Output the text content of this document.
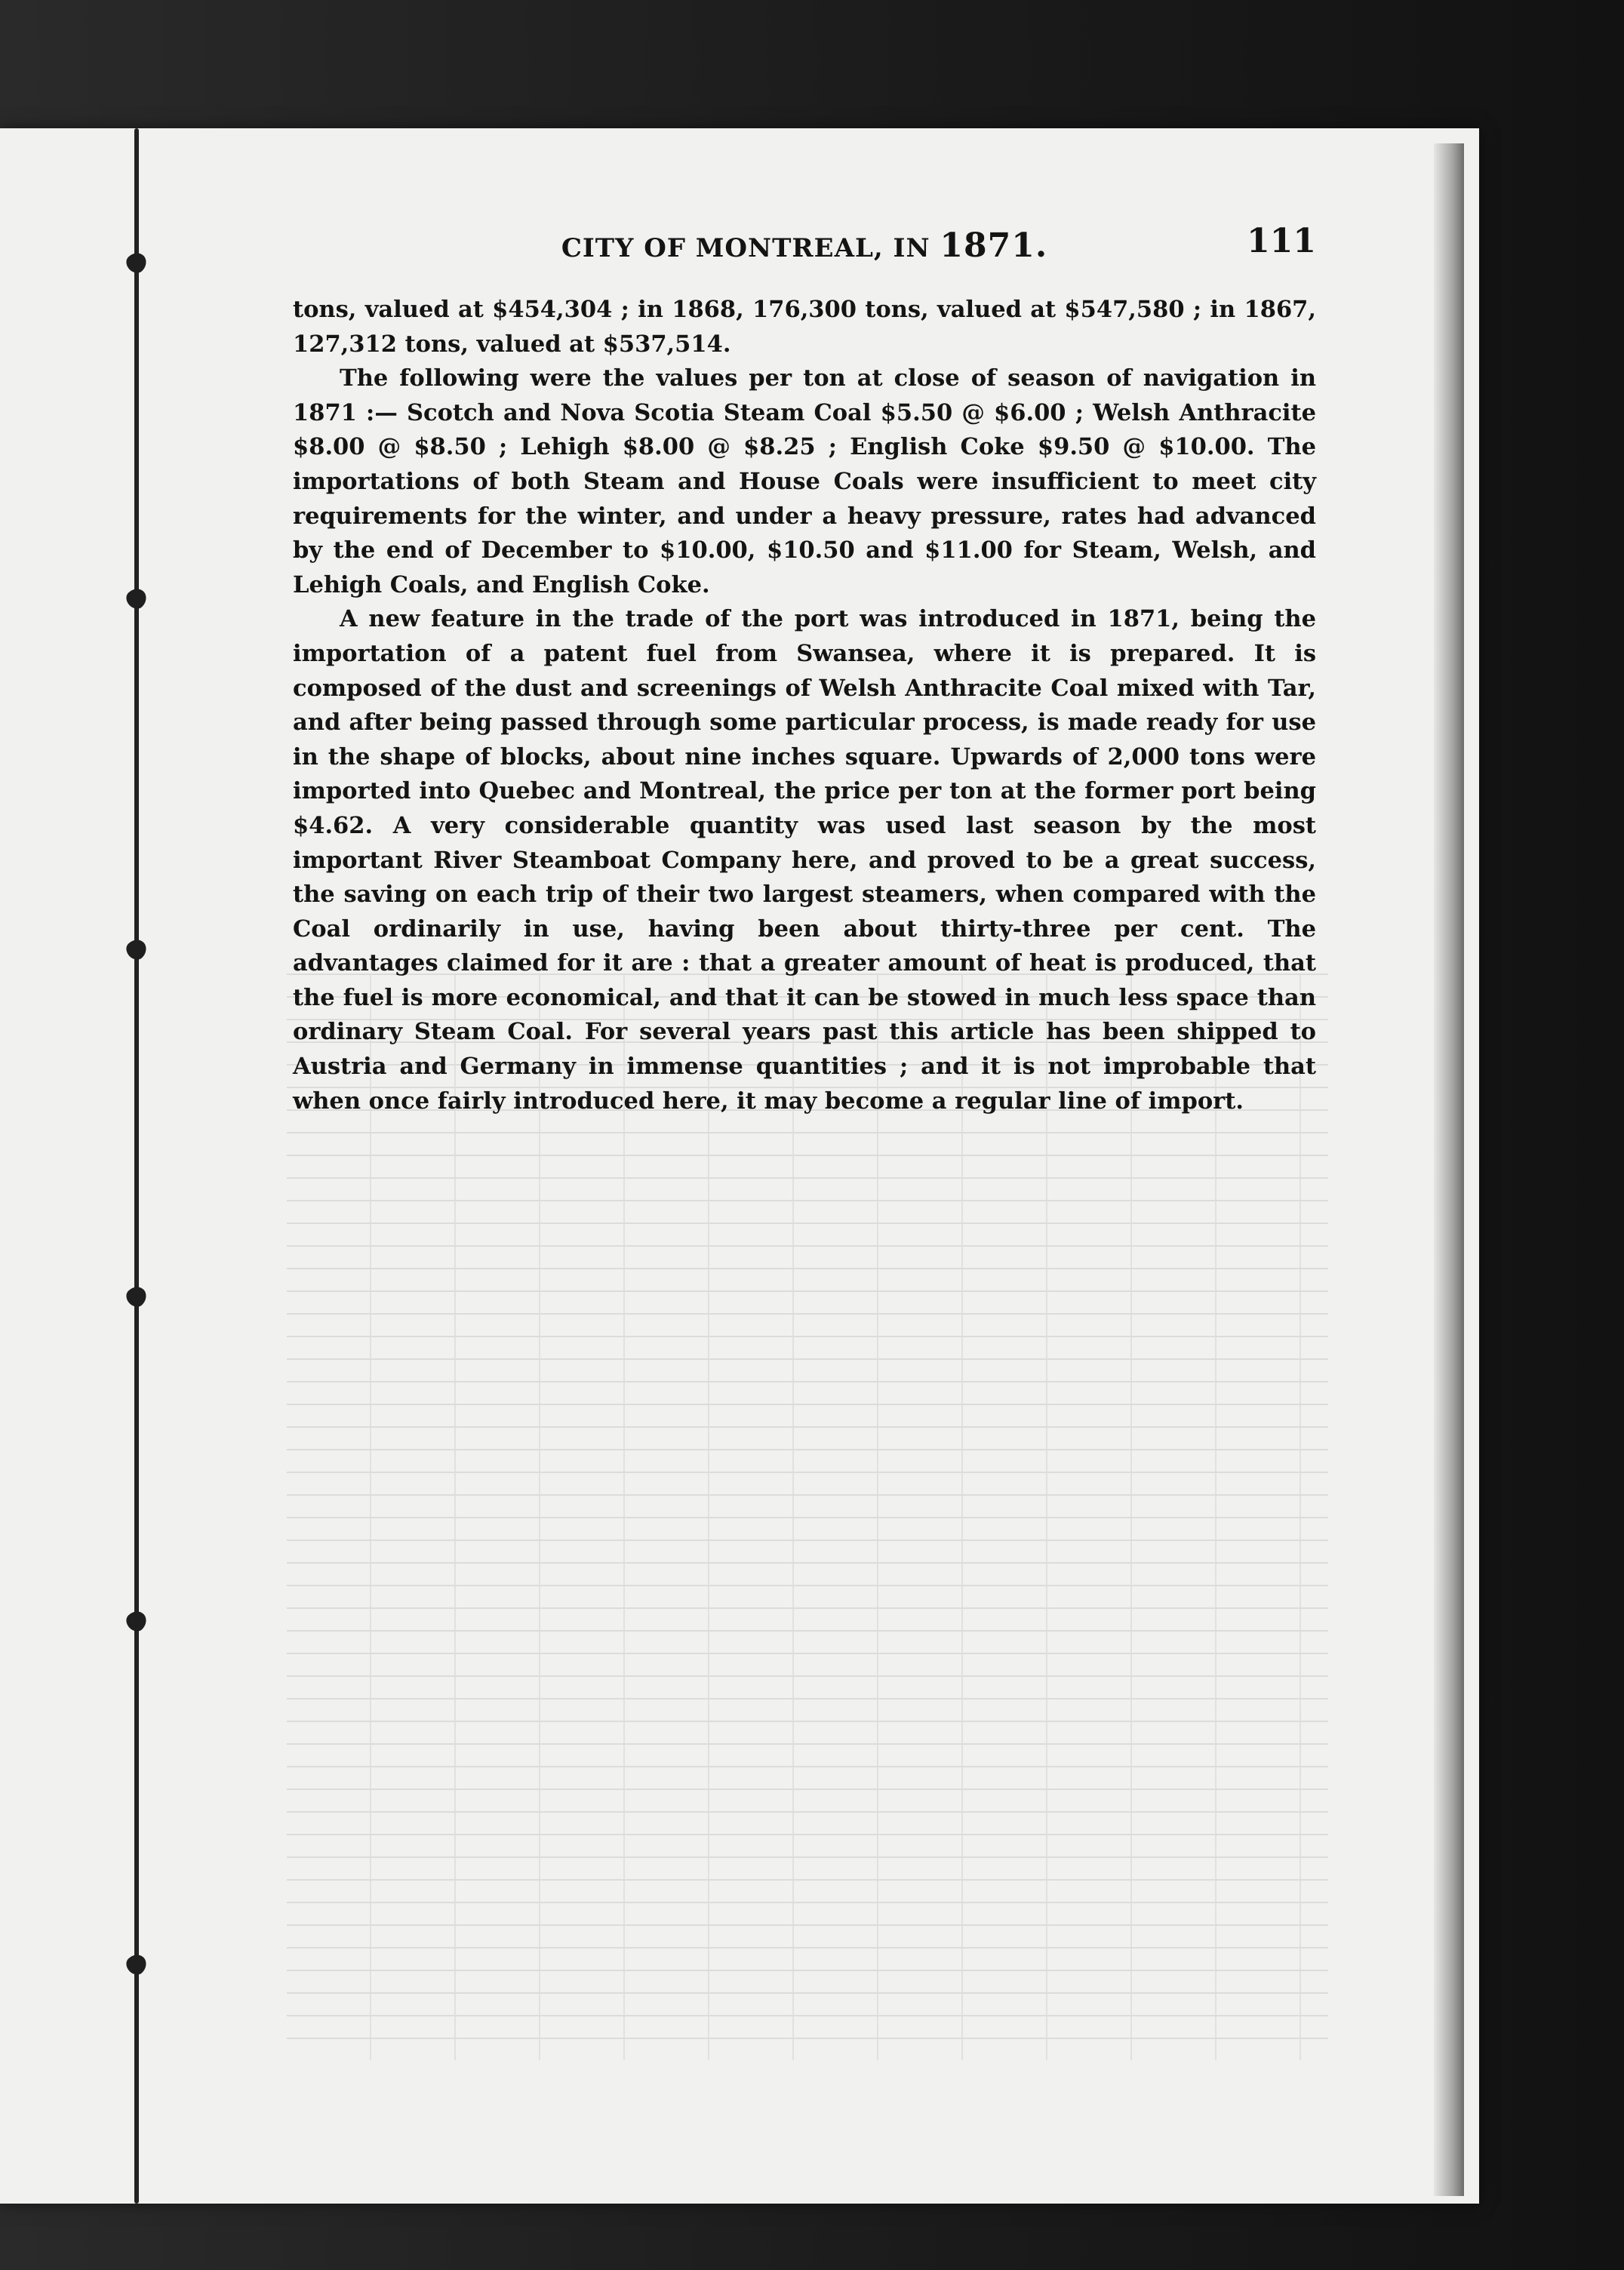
CITY OF MONTREAL, IN 1871.	111

tons, valued at $454,304 ; in 1868, 176,300 tons, valued at $547,580 ; in 1867, 127,312 tons, valued at $537,514.

The following were the values per ton at close of season of navigation in 1871 :— Scotch and Nova Scotia Steam Coal $5.50 @ $6.00 ; Welsh Anthracite $8.00 @ $8.50 ; Lehigh $8.00 @ $8.25 ; English Coke $9.50 @ $10.00. The importations of both Steam and House Coals were insufficient to meet city requirements for the winter, and under a heavy pressure, rates had advanced by the end of December to $10.00, $10.50 and $11.00 for Steam, Welsh, and Lehigh Coals, and English Coke.

A new feature in the trade of the port was introduced in 1871, being the importation of a patent fuel from Swansea, where it is prepared. It is composed of the dust and screenings of Welsh Anthracite Coal mixed with Tar, and after being passed through some particular process, is made ready for use in the shape of blocks, about nine inches square. Upwards of 2,000 tons were imported into Quebec and Montreal, the price per ton at the former port being $4.62. A very considerable quantity was used last season by the most important River Steamboat Company here, and proved to be a great success, the saving on each trip of their two largest steamers, when compared with the Coal ordinarily in use, having been about thirty-three per cent. The advantages claimed for it are : that a greater amount of heat is produced, that the fuel is more economical, and that it can be stowed in much less space than ordinary Steam Coal. For several years past this article has been shipped to Austria and Germany in immense quantities ; and it is not improbable that when once fairly introduced here, it may become a regular line of import.
